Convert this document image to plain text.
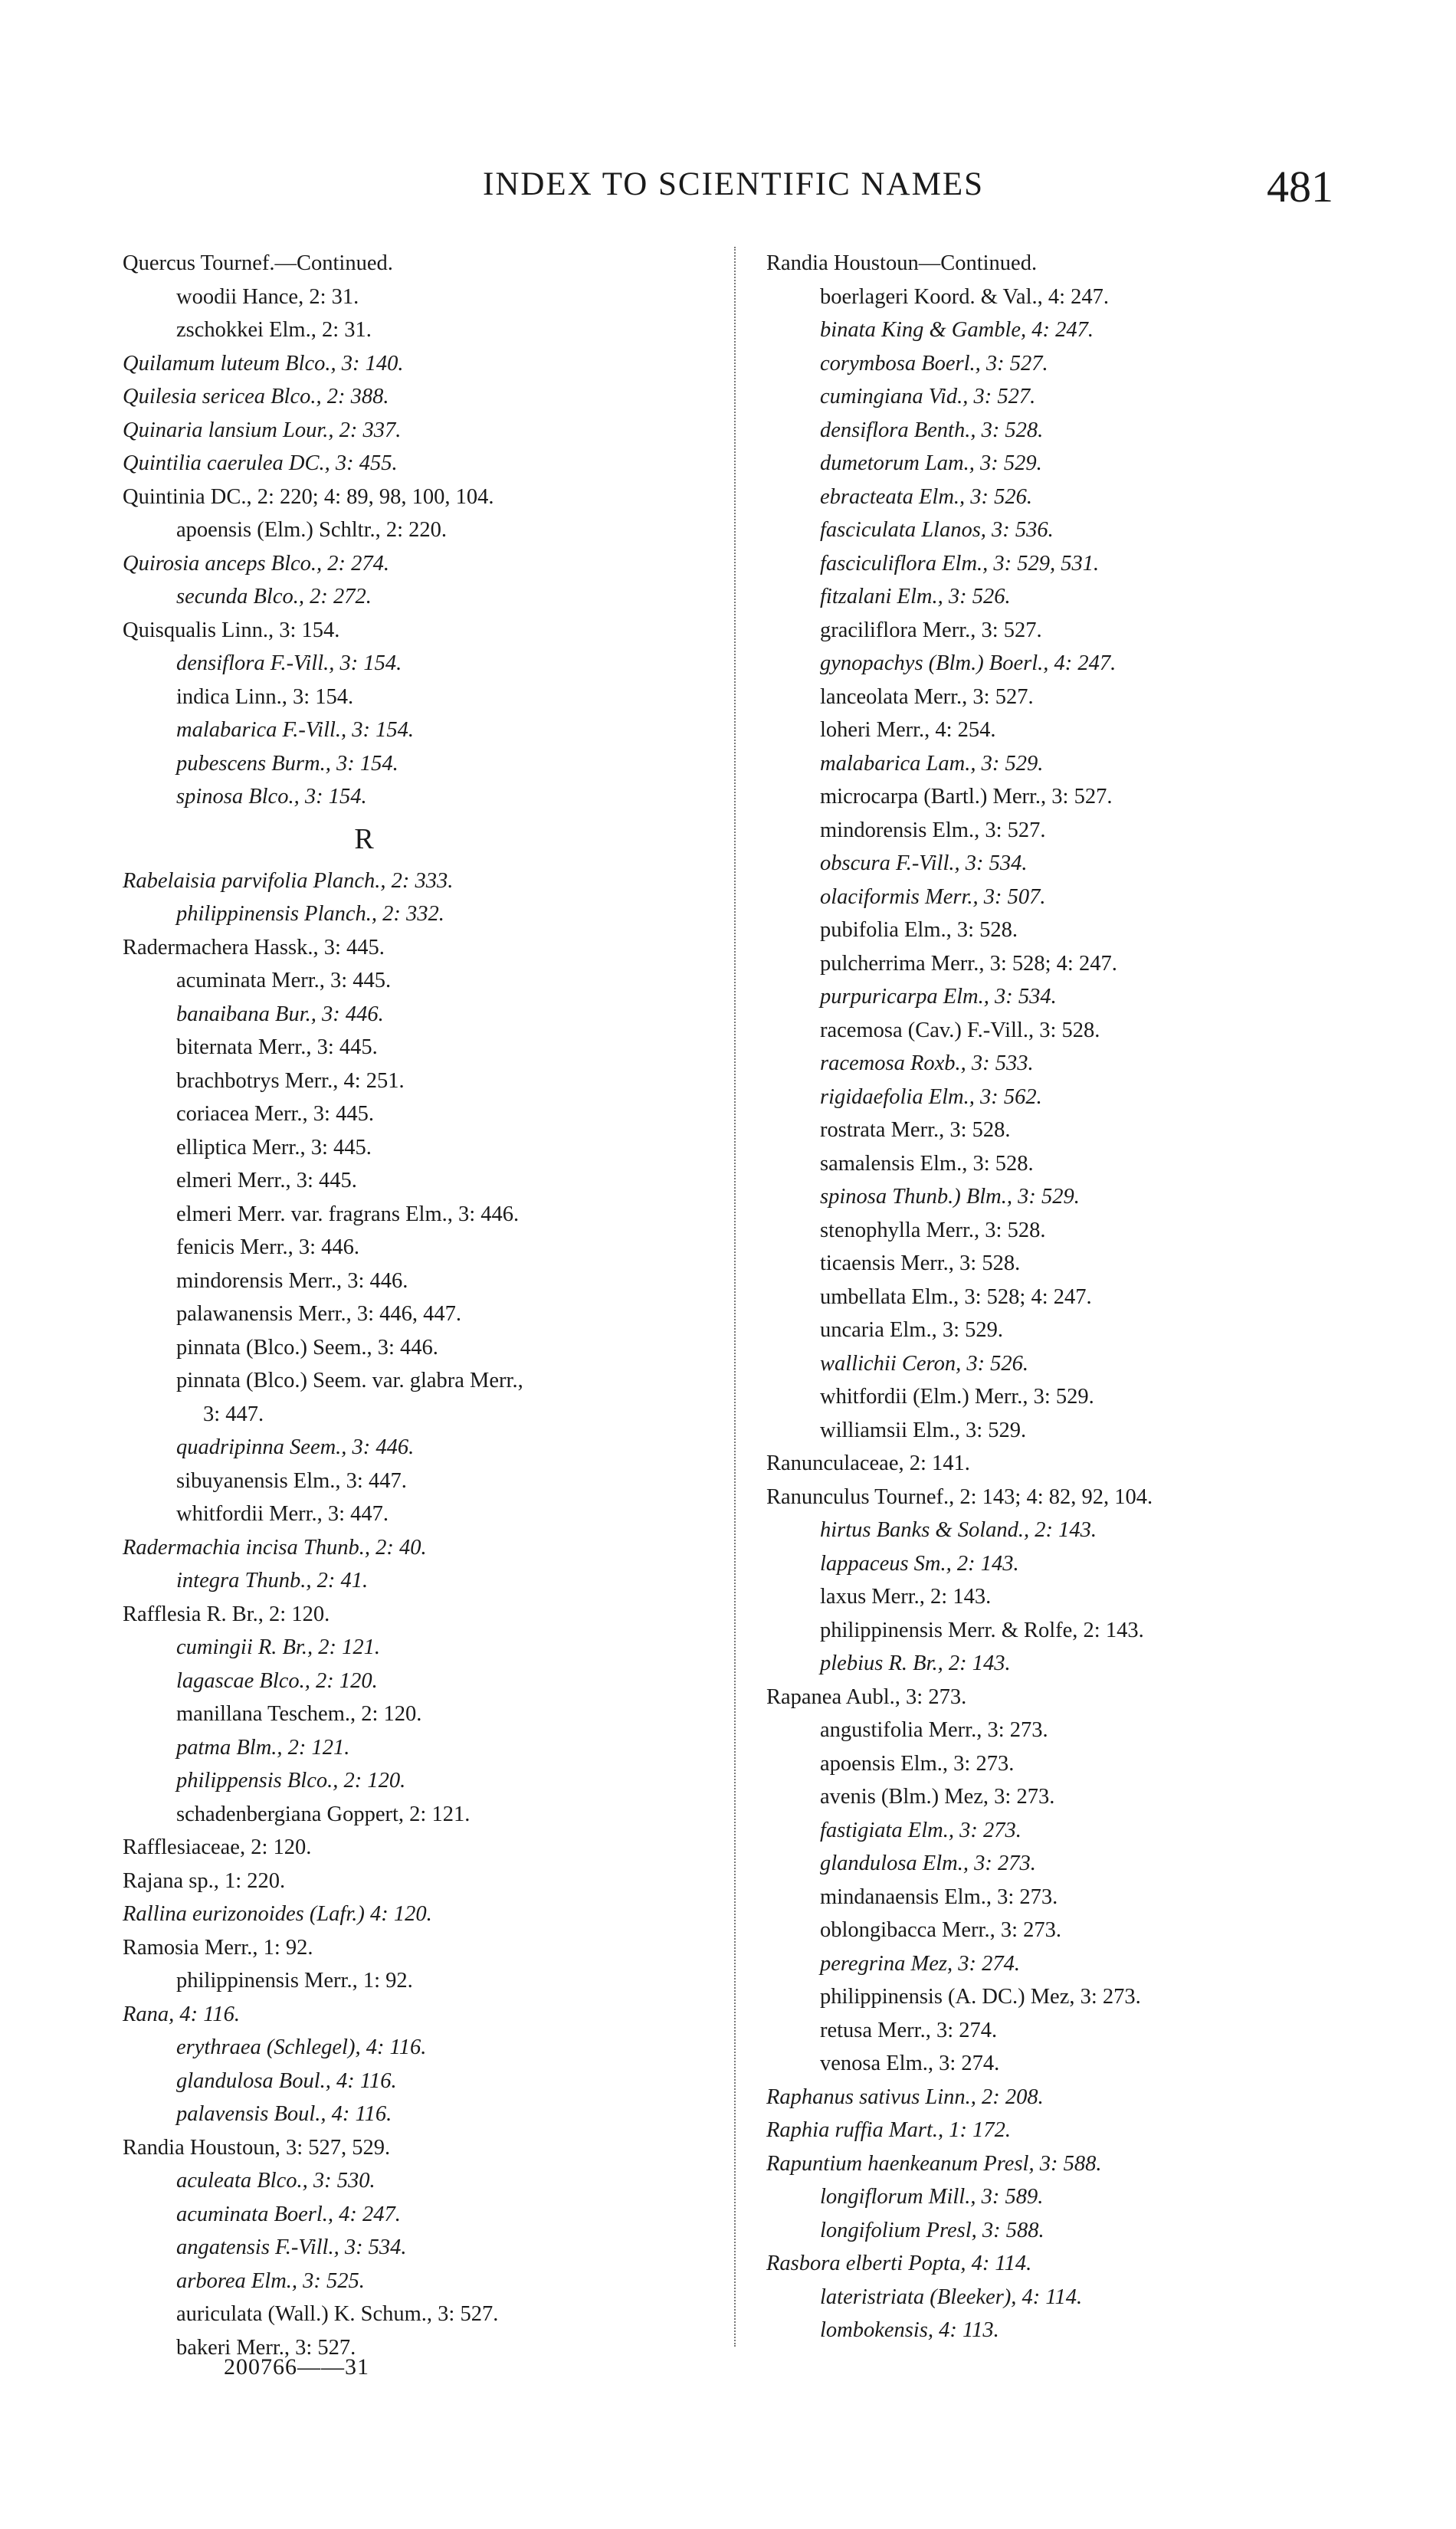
INDEX TO SCIENTIFIC NAMES	481
Quercus Tournef.—Continued.
woodii Hance, 2: 31.
zschokkei Elm., 2: 31.
Quilamum luteum Blco., 3: 140.
Quilesia sericea Blco., 2: 388.
Quinaria lansium Lour., 2: 337.
Quintilia caerulea DC., 3: 455.
Quintinia DC., 2: 220; 4: 89, 98, 100, 104.
apoensis (Elm.) Schltr., 2: 220.
Quirosia anceps Blco., 2: 274.
secunda Blco., 2: 272.
Quisqualis Linn., 3: 154.
densiflora F.-Vill., 3: 154.
indica Linn., 3: 154.
malabarica F.-Vill., 3: 154.
pubescens Burm., 3: 154.
spinosa Blco., 3: 154.
R
Rabelaisia parvifolia Planch., 2: 333.
philippinensis Planch., 2: 332.
Radermachera Hassk., 3: 445.
acuminata Merr., 3: 445.
banaibana Bur., 3: 446.
biternata Merr., 3: 445.
brachbotrys Merr., 4: 251.
coriacea Merr., 3: 445.
elliptica Merr., 3: 445.
elmeri Merr., 3: 445.
elmeri Merr. var. fragrans Elm., 3: 446.
fenicis Merr., 3: 446.
mindorensis Merr., 3: 446.
palawanensis Merr., 3: 446, 447.
pinnata (Blco.) Seem., 3: 446.
pinnata (Blco.) Seem. var. glabra Merr.,
3: 447.
quadripinna Seem., 3: 446.
sibuyanensis Elm., 3: 447.
whitfordii Merr., 3: 447.
Radermachia incisa Thunb., 2: 40.
integra Thunb., 2: 41.
Rafflesia R. Br., 2: 120.
cumingii R. Br., 2: 121.
lagascae Blco., 2: 120.
manillana Teschem., 2: 120.
patma Blm., 2: 121.
philippensis Blco., 2: 120.
schadenbergiana Goppert, 2: 121.
Rafflesiaceae, 2: 120.
Rajana sp., 1: 220.
Rallina eurizonoides (Lafr.) 4: 120.
Ramosia Merr., 1: 92.
philippinensis Merr., 1: 92.
Rana, 4: 116.
erythraea (Schlegel), 4: 116.
glandulosa Boul., 4: 116.
palavensis Boul., 4: 116.
Randia Houstoun, 3: 527, 529.
aculeata Blco., 3: 530.
acuminata Boerl., 4: 247.
angatensis F.-Vill., 3: 534.
arborea Elm., 3: 525.
auriculata (Wall.) K. Schum., 3: 527.
bakeri Merr., 3: 527.
Randia Houstoun—Continued.
boerlageri Koord. & Val., 4: 247.
binata King & Gamble, 4: 247.
corymbosa Boerl., 3: 527.
cumingiana Vid., 3: 527.
densiflora Benth., 3: 528.
dumetorum Lam., 3: 529.
ebracteata Elm., 3: 526.
fasciculata Llanos, 3: 536.
fasciculiflora Elm., 3: 529, 531.
fitzalani Elm., 3: 526.
graciliflora Merr., 3: 527.
gynopachys (Blm.) Boerl., 4: 247.
lanceolata Merr., 3: 527.
loheri Merr., 4: 254.
malabarica Lam., 3: 529.
microcarpa (Bartl.) Merr., 3: 527.
mindorensis Elm., 3: 527.
obscura F.-Vill., 3: 534.
olaciformis Merr., 3: 507.
pubifolia Elm., 3: 528.
pulcherrima Merr., 3: 528; 4: 247.
purpuricarpa Elm., 3: 534.
racemosa (Cav.) F.-Vill., 3: 528.
racemosa Roxb., 3: 533.
rigidaefolia Elm., 3: 562.
rostrata Merr., 3: 528.
samalensis Elm., 3: 528.
spinosa Thunb.) Blm., 3: 529.
stenophylla Merr., 3: 528.
ticaensis Merr., 3: 528.
umbellata Elm., 3: 528; 4: 247.
uncaria Elm., 3: 529.
wallichii Ceron, 3: 526.
whitfordii (Elm.) Merr., 3: 529.
williamsii Elm., 3: 529.
Ranunculaceae, 2: 141.
Ranunculus Tournef., 2: 143; 4: 82, 92, 104.
hirtus Banks & Soland., 2: 143.
lappaceus Sm., 2: 143.
laxus Merr., 2: 143.
philippinensis Merr. & Rolfe, 2: 143.
plebius R. Br., 2: 143.
Rapanea Aubl., 3: 273.
angustifolia Merr., 3: 273.
apoensis Elm., 3: 273.
avenis (Blm.) Mez, 3: 273.
fastigiata Elm., 3: 273.
glandulosa Elm., 3: 273.
mindanaensis Elm., 3: 273.
oblongibacca Merr., 3: 273.
peregrina Mez, 3: 274.
philippinensis (A. DC.) Mez, 3: 273.
retusa Merr., 3: 274.
venosa Elm., 3: 274.
Raphanus sativus Linn., 2: 208.
Raphia ruffia Mart., 1: 172.
Rapuntium haenkeanum Presl, 3: 588.
longiflorum Mill., 3: 589.
longifolium Presl, 3: 588.
Rasbora elberti Popta, 4: 114.
lateristriata (Bleeker), 4: 114.
lombokensis, 4: 113.
200766——31
